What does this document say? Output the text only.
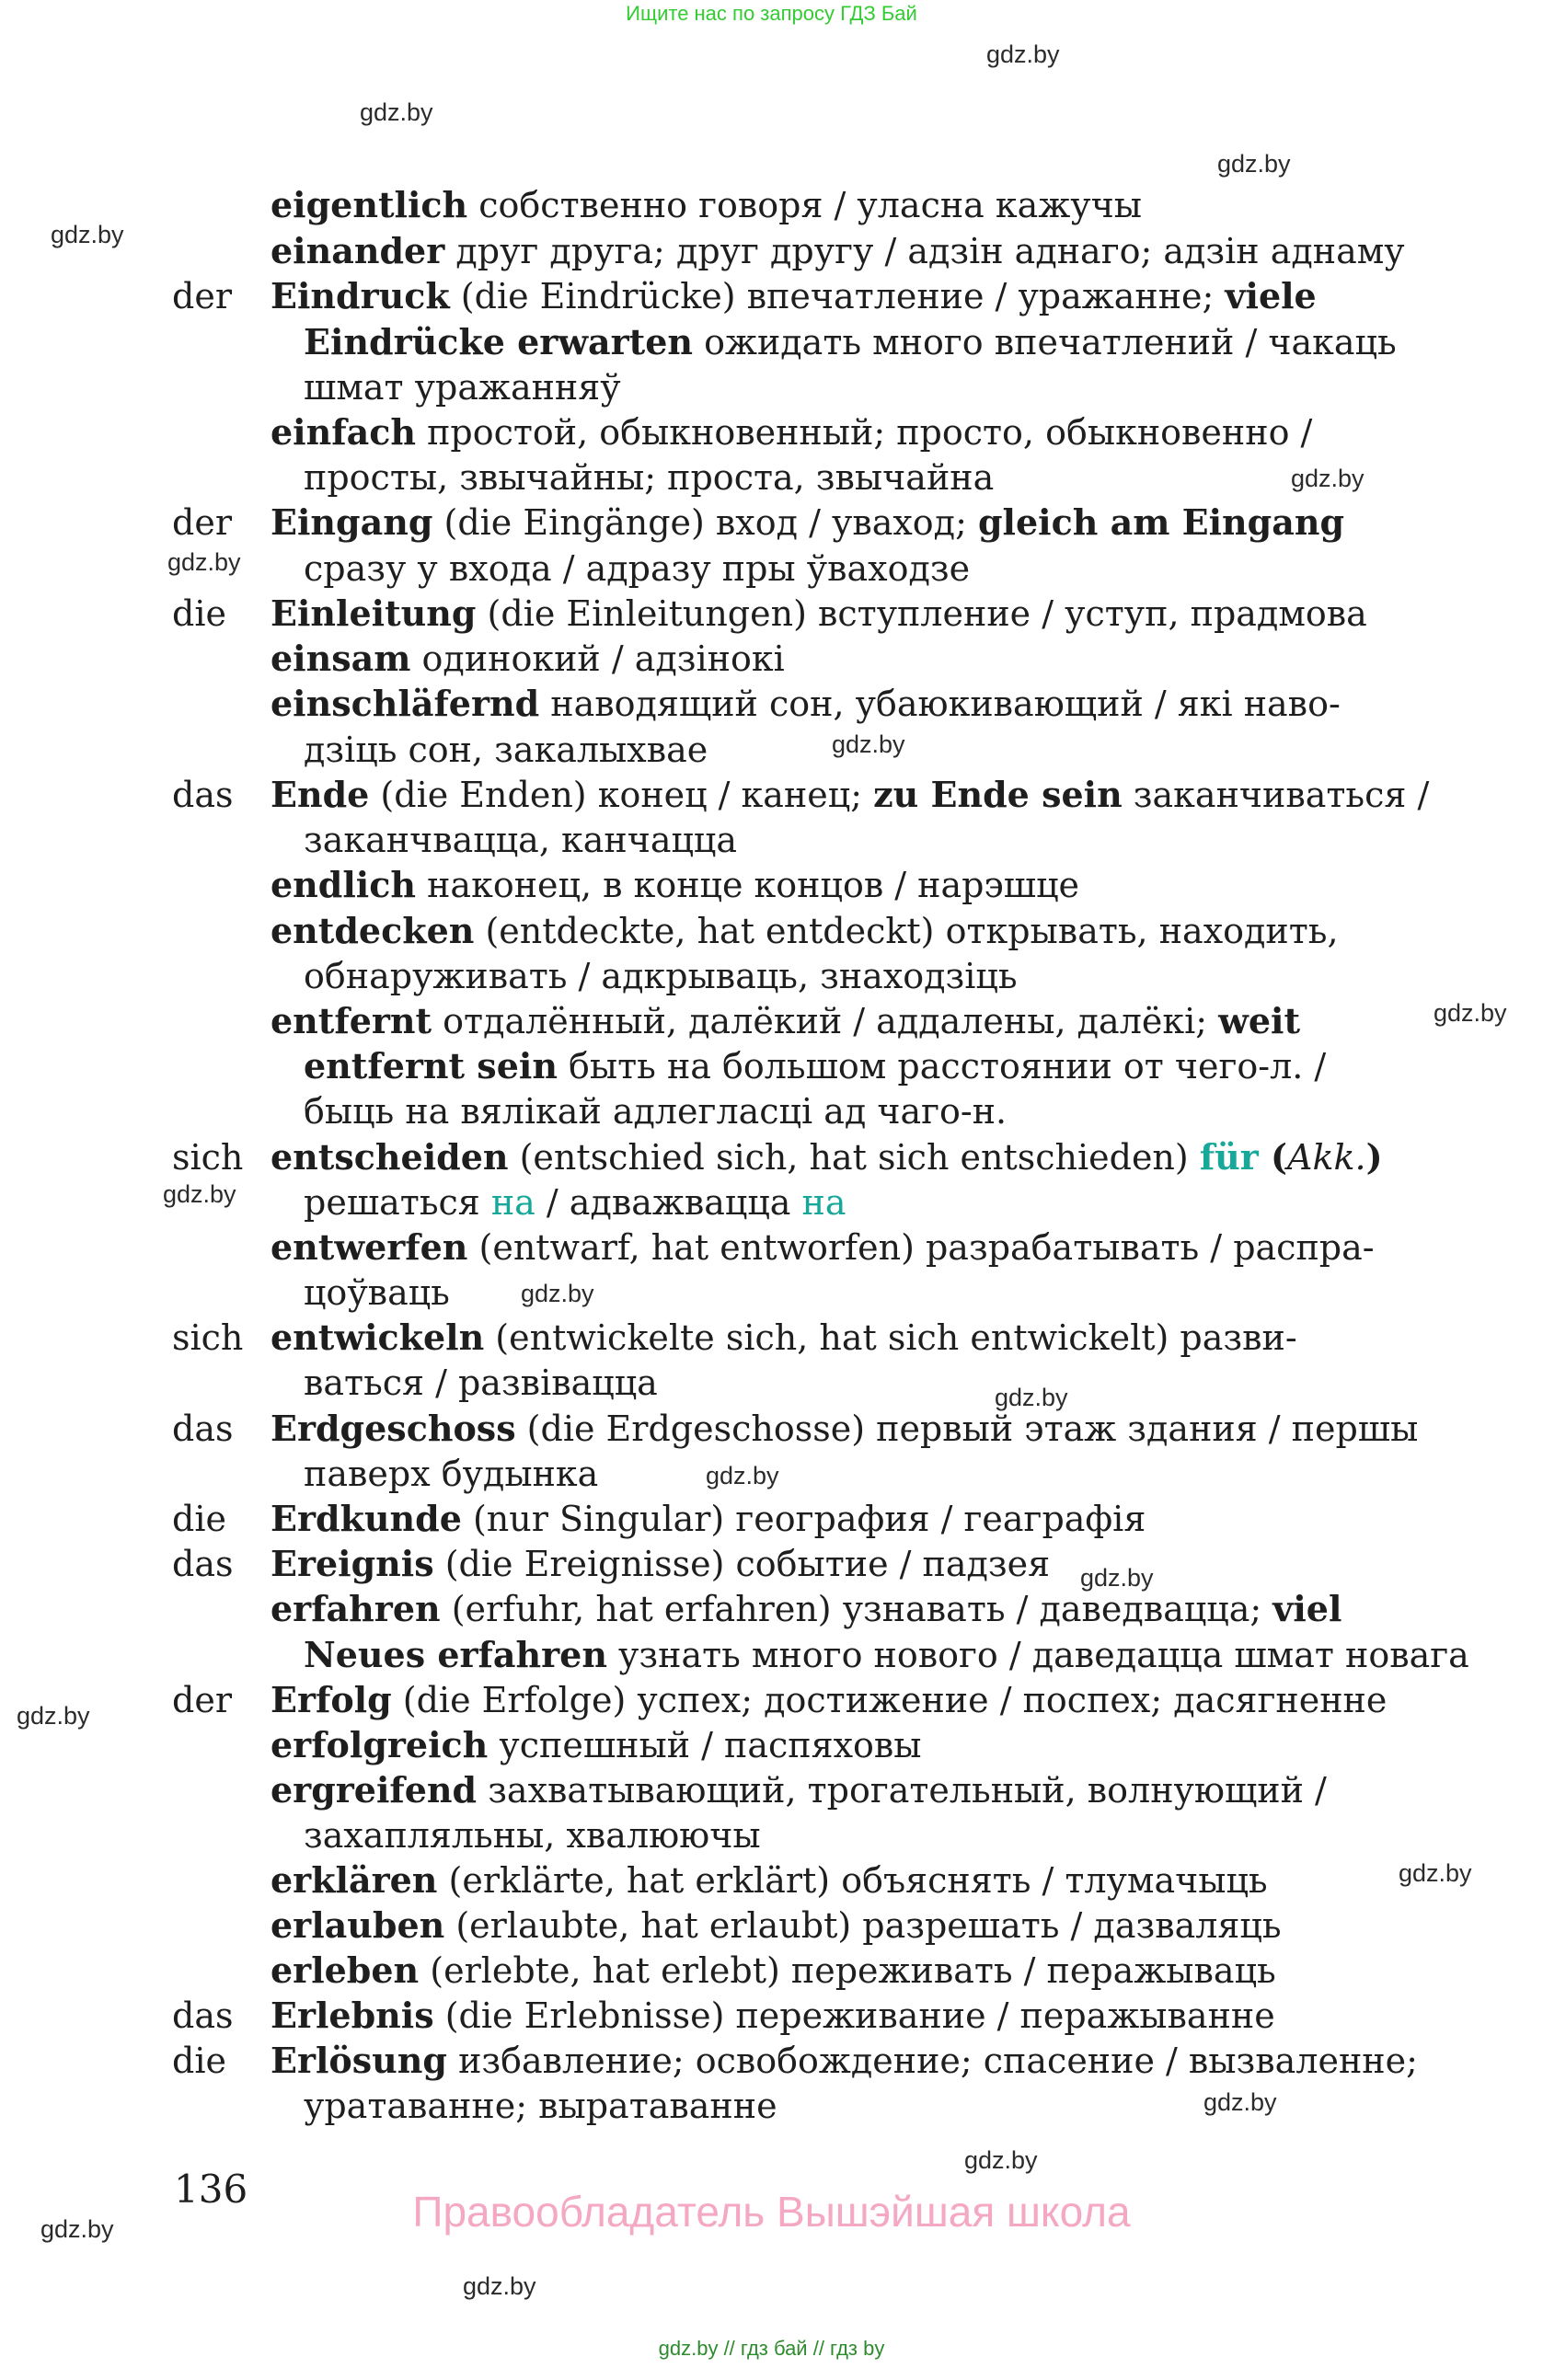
Ищите нас по запросу ГДЗ Бай
gdz.by
gdz.by
gdz.by
gdz.by
gdz.by
gdz.by
gdz.by
gdz.by
gdz.by
gdz.by
gdz.by
gdz.by
gdz.by
gdz.by
gdz.by
gdz.by
gdz.by
gdz.by
gdz.by
der
der
die
das
sich
sich
das
die
das
der
das
die
eigentlich собственно говоря / уласна кажучы
einander друг друга; друг другу / адзін аднаго; адзін аднаму
Eindruck (die Eindrücke) впечатление / уражанне; viele
Eindrücke erwarten ожидать много впечатлений / чакаць
шмат уражанняў
einfach простой, обыкновенный; просто, обыкновенно /
просты, звычайны; проста, звычайна
Eingang (die Eingänge) вход / уваход; gleich am Eingang
сразу у входа / адразу пры ўваходзе
Einleitung (die Einleitungen) вступление / уступ, прадмова
einsam одинокий / адзінокі
einschläfernd наводящий сон, убаюкивающий / які наво-
дзіць сон, закалыхвае
Ende (die Enden) конец / канец; zu Ende sein заканчиваться /
заканчвацца, канчацца
endlich наконец, в конце концов / нарэшце
entdecken (entdeckte, hat entdeckt) открывать, находить,
обнаруживать / адкрываць, знаходзіць
entfernt отдалённый, далёкий / аддалены, далёкі; weit
entfernt sein быть на большом расстоянии от чего-л. /
быць на вялікай адлегласці ад чаго-н.
entscheiden (entschied sich, hat sich entschieden) für (Akk.)
решаться на / адважвацца на
entwerfen (entwarf, hat entworfen) разрабатывать / распра-
цоўваць
entwickeln (entwickelte sich, hat sich entwickelt) разви-
ваться / развівацца
Erdgeschoss (die Erdgeschosse) первый этаж здания / першы
паверх будынка
Erdkunde (nur Singular) география / геаграфія
Ereignis (die Ereignisse) событие / падзея
erfahren (erfuhr, hat erfahren) узнавать / даведвацца; viel
Neues erfahren узнать много нового / даведацца шмат новага
Erfolg (die Erfolge) успех; достижение / поспех; дасягненне
erfolgreich успешный / паспяховы
ergreifend захватывающий, трогательный, волнующий /
захапляльны, хвалюючы
erklären (erklärte, hat erklärt) объяснять / тлумачыць
erlauben (erlaubte, hat erlaubt) разрешать / дазваляць
erleben (erlebte, hat erlebt) переживать / перажываць
Erlebnis (die Erlebnisse) переживание / перажыванне
Erlösung избавление; освобождение; спасение / вызваленне;
уратаванне; выратаванне
136	Правообладатель Вышэйшая школа
gdz.by // гдз бай // гдз by
